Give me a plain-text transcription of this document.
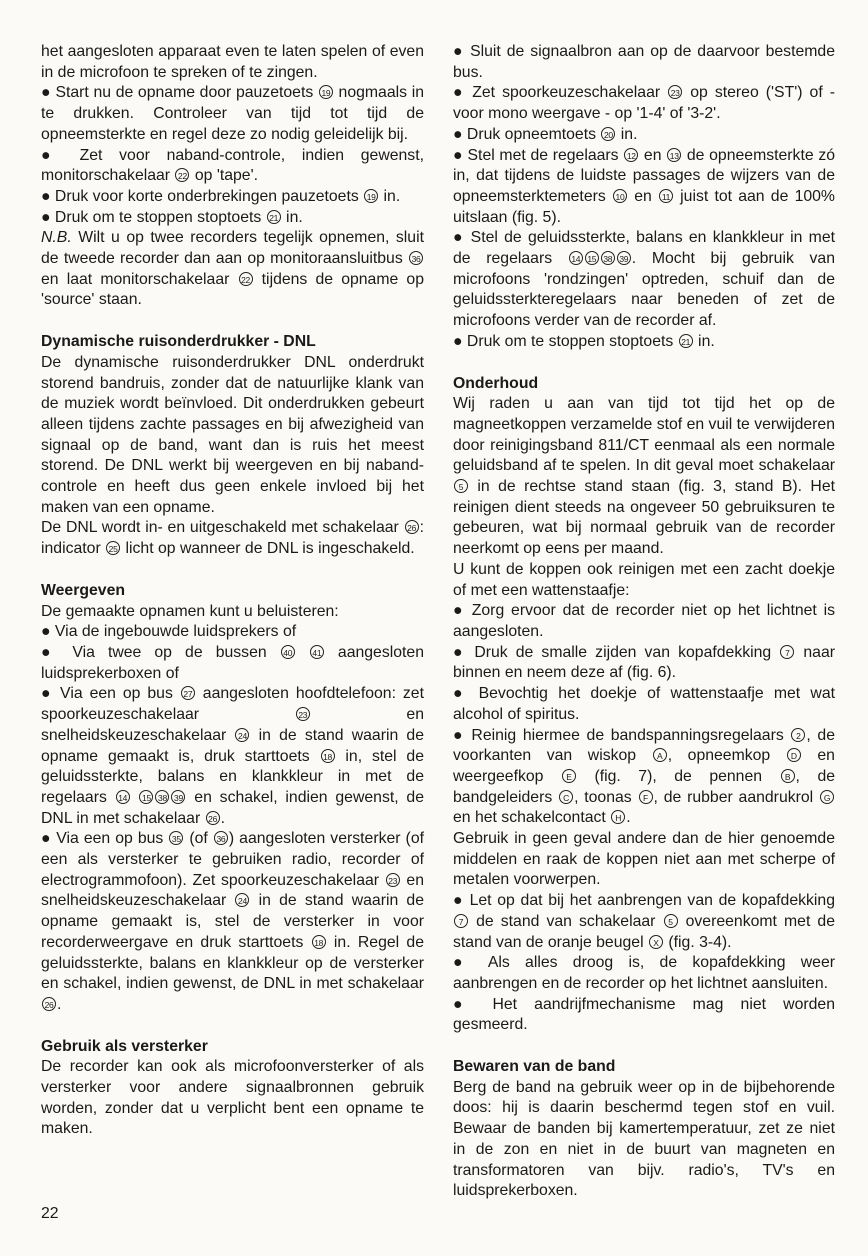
het aangesloten apparaat even te laten spelen of even in de microfoon te spreken of te zingen.

● Start nu de opname door pauzetoets 19 nogmaals in te drukken. Controleer van tijd tot tijd de opneemsterkte en regel deze zo nodig geleidelijk bij.

● Zet voor naband-controle, indien gewenst, monitorschakelaar 22 op 'tape'.

● Druk voor korte onderbrekingen pauzetoets 19 in.

● Druk om te stoppen stoptoets 21 in.

N.B. Wilt u op twee recorders tegelijk opnemen, sluit de tweede recorder dan aan op monitoraansluitbus 36 en laat monitorschakelaar 22 tijdens de opname op 'source' staan.

Dynamische ruisonderdrukker - DNL

De dynamische ruisonderdrukker DNL onderdrukt storend bandruis, zonder dat de natuurlijke klank van de muziek wordt beïnvloed. Dit onderdrukken gebeurt alleen tijdens zachte passages en bij afwezigheid van signaal op de band, want dan is ruis het meest storend. De DNL werkt bij weergeven en bij naband-controle en heeft dus geen enkele invloed bij het maken van een opname.

De DNL wordt in- en uitgeschakeld met schakelaar 26 : indicator 25 licht op wanneer de DNL is ingeschakeld.

Weergeven

De gemaakte opnamen kunt u beluisteren:

● Via de ingebouwde luidsprekers of

● Via twee op de bussen 40 41 aangesloten luidsprekerboxen of

● Via een op bus 27 aangesloten hoofdtelefoon: zet spoorkeuzeschakelaar 23 en snelheidskeuzeschakelaar 24 in de stand waarin de opname gemaakt is, druk starttoets 18 in, stel de geluidssterkte, balans en klankkleur in met de regelaars 14 15 38 39 en schakel, indien gewenst, de DNL in met schakelaar 26 .

● Via een op bus 35 (of 36 ) aangesloten versterker (of een als versterker te gebruiken radio, recorder of electrogrammofoon). Zet spoorkeuzeschakelaar 23 en snelheidskeuzeschakelaar 24 in de stand waarin de opname gemaakt is, stel de versterker in voor recorderweergave en druk starttoets 18 in. Regel de geluidssterkte, balans en klankkleur op de versterker en schakel, indien gewenst, de DNL in met schakelaar 26 .

Gebruik als versterker

De recorder kan ook als microfoonversterker of als versterker voor andere signaalbronnen gebruik worden, zonder dat u verplicht bent een opname te maken.

● Sluit de signaalbron aan op de daarvoor bestemde bus.

● Zet spoorkeuzeschakelaar 23 op stereo ('ST') of - voor mono weergave - op '1-4' of '3-2'.

● Druk opneemtoets 20 in.

● Stel met de regelaars 12 en 13 de opneemsterkte zó in, dat tijdens de luidste passages de wijzers van de opneemsterktemeters 10 en 11 juist tot aan de 100% uitslaan (fig. 5).

● Stel de geluidssterkte, balans en klankkleur in met de regelaars 14 15 38 39 . Mocht bij gebruik van microfoons 'rondzingen' optreden, schuif dan de geluidssterkteregelaars naar beneden of zet de microfoons verder van de recorder af.

● Druk om te stoppen stoptoets 21 in.

Onderhoud

Wij raden u aan van tijd tot tijd het op de magneetkoppen verzamelde stof en vuil te verwijderen door reinigingsband 811/CT eenmaal als een normale geluidsband af te spelen. In dit geval moet schakelaar 5 in de rechtse stand staan (fig. 3, stand B). Het reinigen dient steeds na ongeveer 50 gebruiksuren te gebeuren, wat bij normaal gebruik van de recorder neerkomt op eens per maand.

U kunt de koppen ook reinigen met een zacht doekje of met een wattenstaafje:

● Zorg ervoor dat de recorder niet op het lichtnet is aangesloten.

● Druk de smalle zijden van kopafdekking 7 naar binnen en neem deze af (fig. 6).

● Bevochtig het doekje of wattenstaafje met wat alcohol of spiritus.

● Reinig hiermee de bandspanningsregelaars 2 , de voorkanten van wiskop A , opneemkop D en weergeefkop E (fig. 7), de pennen B , de bandgeleiders C , toonas F , de rubber aandrukrol G en het schakelcontact H .

Gebruik in geen geval andere dan de hier genoemde middelen en raak de koppen niet aan met scherpe of metalen voorwerpen.

● Let op dat bij het aanbrengen van de kopafdekking 7 de stand van schakelaar 5 overeenkomt met de stand van de oranje beugel X (fig. 3-4).

● Als alles droog is, de kopafdekking weer aanbrengen en de recorder op het lichtnet aansluiten.

● Het aandrijfmechanisme mag niet worden gesmeerd.

Bewaren van de band

Berg de band na gebruik weer op in de bijbehorende doos: hij is daarin beschermd tegen stof en vuil. Bewaar de banden bij kamertemperatuur, zet ze niet in de zon en niet in de buurt van magneten en transformatoren van bijv. radio's, TV's en luidsprekerboxen.

22
